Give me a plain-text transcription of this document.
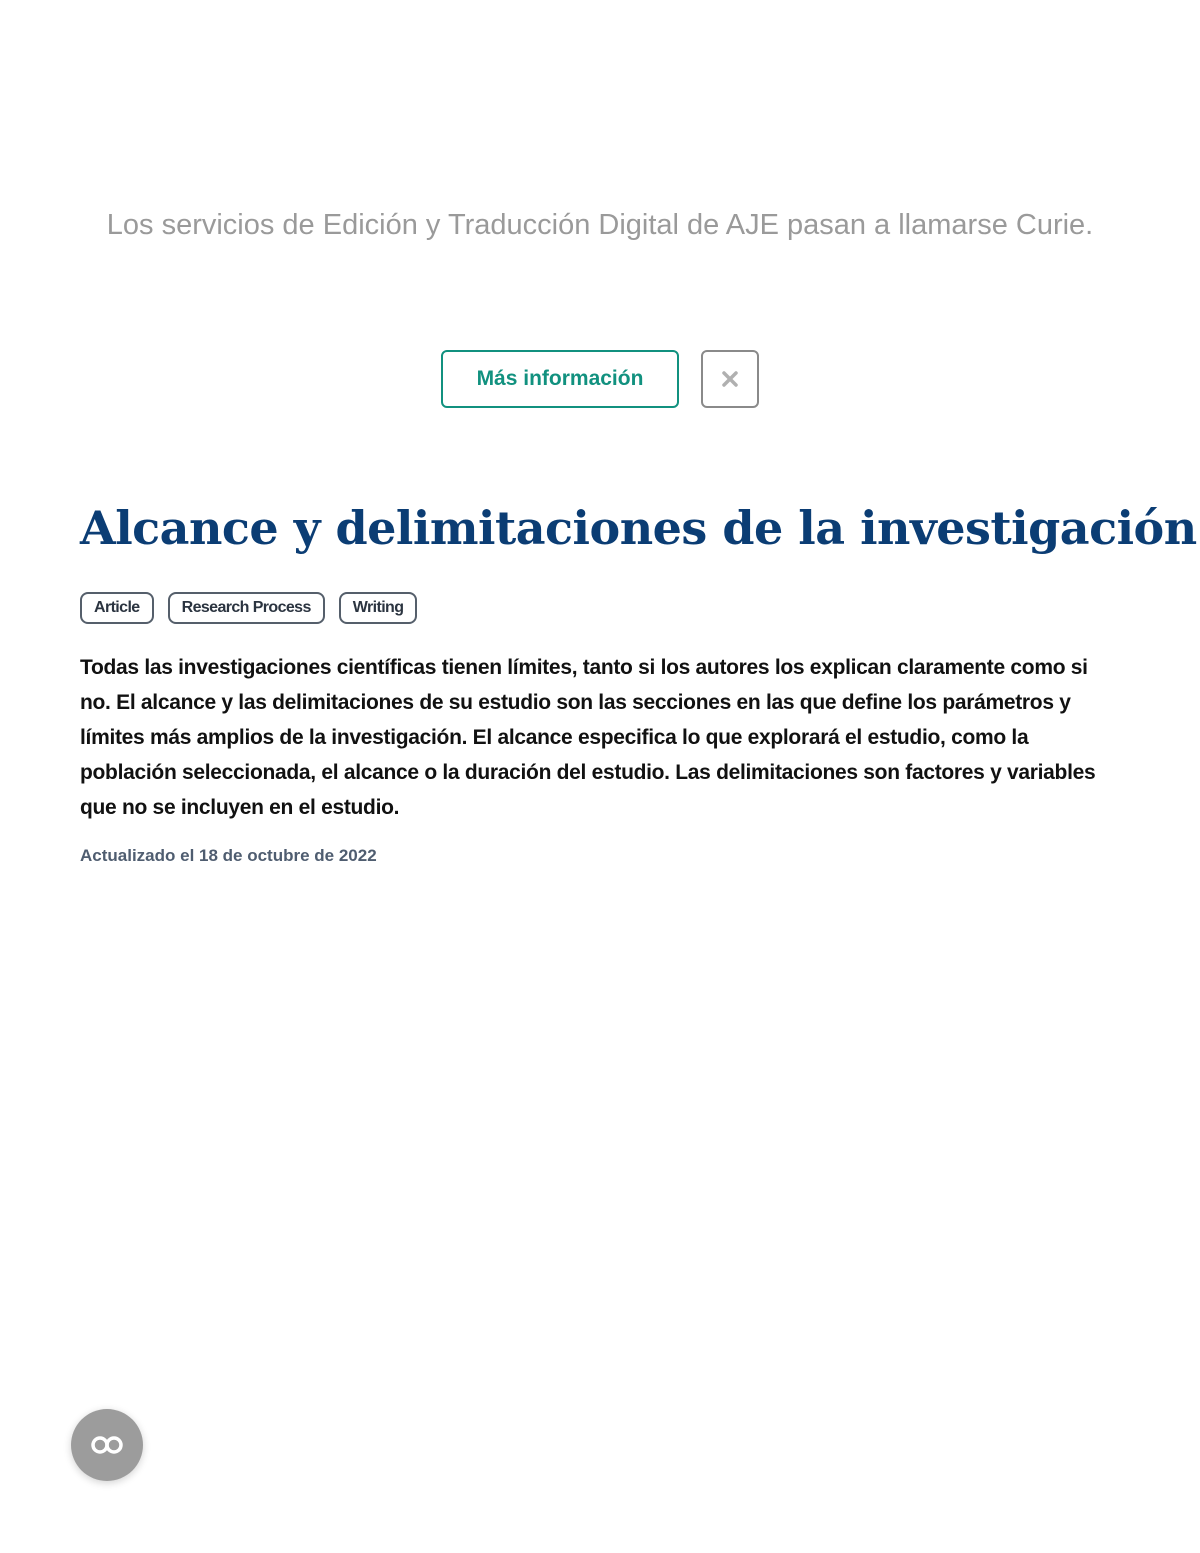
Los servicios de Edición y Traducción Digital de AJE pasan a llamarse Curie.
Más información
Alcance y delimitaciones de la investigación
Article	Research Process	Writing

Todas las investigaciones científicas tienen límites, tanto si los autores los explican claramente como si no. El alcance y las delimitaciones de su estudio son las secciones en las que define los parámetros y límites más amplios de la investigación. El alcance especifica lo que explorará el estudio, como la población seleccionada, el alcance o la duración del estudio. Las delimitaciones son factores y variables que no se incluyen en el estudio.

Actualizado el 18 de octubre de 2022
